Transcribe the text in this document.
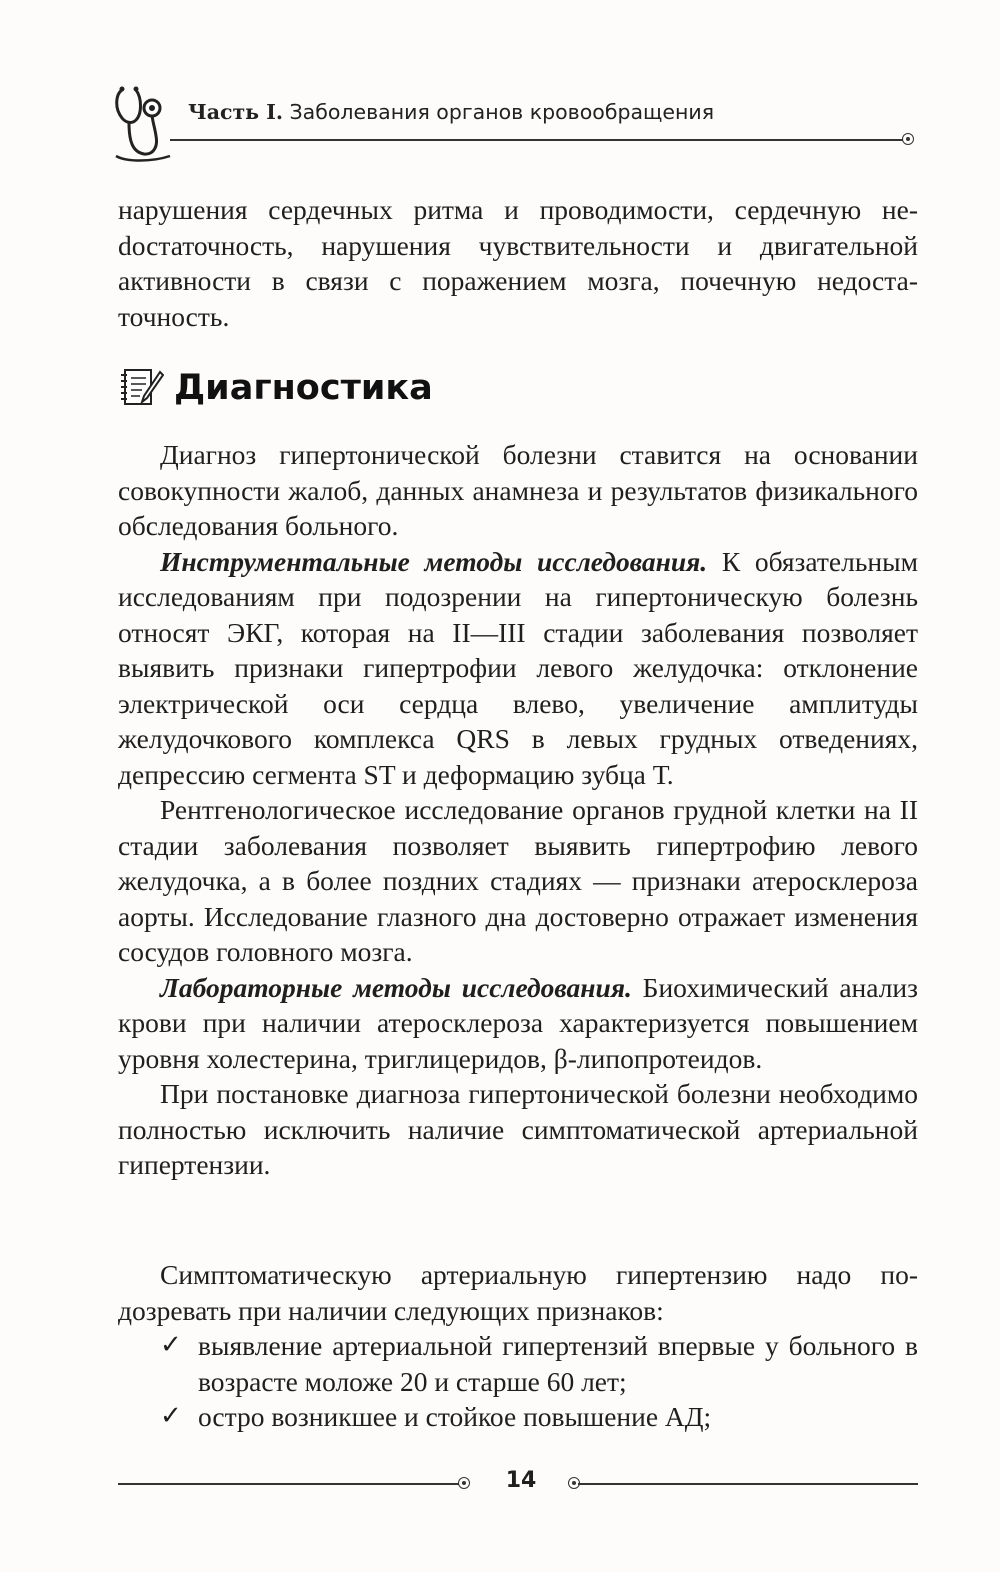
Часть I. Заболевания органов кровообращения

нарушения сердечных ритма и проводимости, сердечную неdостаточность, нарушения чувствительности и двигательной активности в связи с поражением мозга, почечную недостаточность.

Диагностика

Диагноз гипертонической болезни ставится на основании совокупности жалоб, данных анамнеза и результатов физикального обследования больного.

Инструментальные методы исследования. К обязательным исследованиям при подозрении на гипертоническую болезнь относят ЭКГ, которая на II—III стадии заболевания позволяет выявить признаки гипертрофии левого желудочка: отклонение электрической оси сердца влево, увеличение амплитуды желудочкового комплекса QRS в левых грудных отведениях, депрессию сегмента ST и деформацию зубца Т.

Рентгенологическое исследование органов грудной клетки на II стадии заболевания позволяет выявить гипертрофию левого желудочка, а в более поздних стадиях — признаки атеросклероза аорты. Исследование глазного дна достоверно отражает изменения сосудов головного мозга.

Лабораторные методы исследования. Биохимический анализ крови при наличии атеросклероза характеризуется повышением уровня холестерина, триглицеридов, β-липопротеидов.

При постановке диагноза гипертонической болезни необходимо полностью исключить наличие симптоматической артериальной гипертензии.

Симптоматическую артериальную гипертензию надо подозревать при наличии следующих признаков:

✓ выявление артериальной гипертензий впервые у больного в возрасте моложе 20 и старше 60 лет;
✓ остро возникшее и стойкое повышение АД;
14
